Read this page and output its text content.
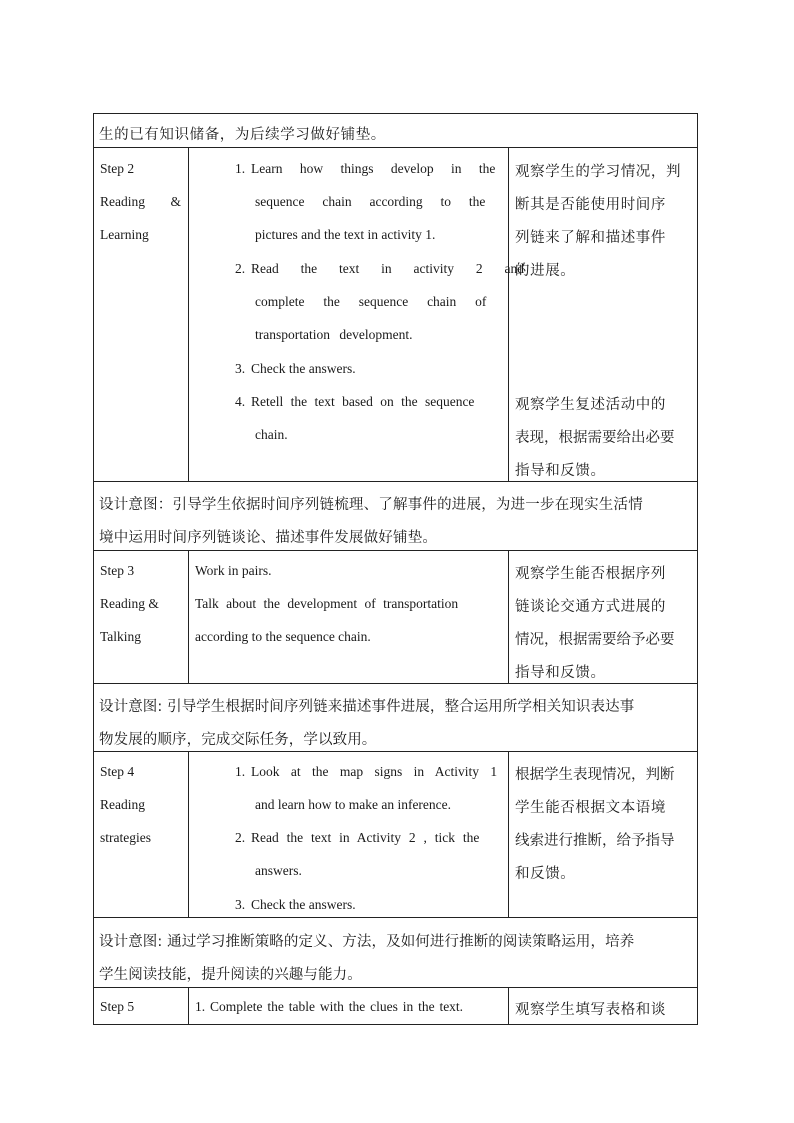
生的已有知识储备，为后续学习做好铺垫。
Step 2
Reading &
Learning
1. Learn how things develop in the
sequence chain according to the
pictures and the text in activity 1.
2. Read the text in activity 2 and
complete the sequence chain of
transportation development.
3. Check the answers.
4. Retell the text based on the sequence
chain.
观察学生的学习情况，判
断其是否能使用时间序
列链来了解和描述事件
的进展。
观察学生复述活动中的
表现，根据需要给出必要
指导和反馈。
设计意图：引导学生依据时间序列链梳理、了解事件的进展，为进一步在现实生活情
境中运用时间序列链谈论、描述事件发展做好铺垫。
Step 3
Reading &
Talking
Work in pairs.
Talk about the development of transportation
according to the sequence chain.
观察学生能否根据序列
链谈论交通方式进展的
情况，根据需要给予必要
指导和反馈。
设计意图: 引导学生根据时间序列链来描述事件进展，整合运用所学相关知识表达事
物发展的顺序，完成交际任务，学以致用。
Step 4
Reading
strategies
1. Look at the map signs in Activity 1
and learn how to make an inference.
2. Read the text in Activity 2 , tick the
answers.
3. Check the answers.
根据学生表现情况，判断
学生能否根据文本语境
线索进行推断，给予指导
和反馈。
设计意图: 通过学习推断策略的定义、方法，及如何进行推断的阅读策略运用，培养
学生阅读技能，提升阅读的兴趣与能力。
Step 5	1. Complete the table with the clues in the text.	观察学生填写表格和谈
